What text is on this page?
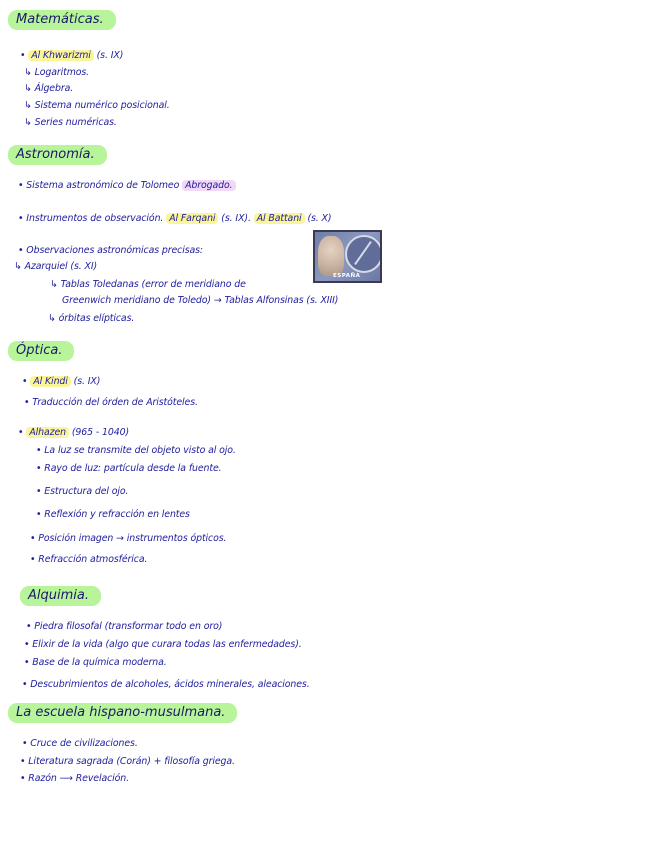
Matemáticas.
• Al Khwarizmi (s. IX)
↳ Logaritmos.
↳ Álgebra.
↳ Sistema numérico posicional.
↳ Series numéricas.
Astronomía.
• Sistema astronómico de Tolomeo Abrogado.
• Instrumentos de observación. Al Farqani (s. IX). Al Battani (s. X)
• Observaciones astronómicas precisas:
↳ Azarquiel (s. XI)
↳ Tablas Toledanas (error de meridiano de
Greenwich meridiano de Toledo) → Tablas Alfonsinas (s. XIII)
↳ órbitas elípticas.
ESPAÑA
Óptica.
• Al Kindi (s. IX)
• Traducción del órden de Aristóteles.
• Alhazen (965 - 1040)
• La luz se transmite del objeto visto al ojo.
• Rayo de luz: partícula desde la fuente.
• Estructura del ojo.
• Reflexión y refracción en lentes
• Posición imagen → instrumentos ópticos.
• Refracción atmosférica.
Alquimia.
• Piedra filosofal (transformar todo en oro)
• Elixir de la vida (algo que curara todas las enfermedades).
• Base de la química moderna.
• Descubrimientos de alcoholes, ácidos minerales, aleaciones.
La escuela hispano-musulmana.
• Cruce de civilizaciones.
• Literatura sagrada (Corán) + filosofía griega.
• Razón ⟶ Revelación.
